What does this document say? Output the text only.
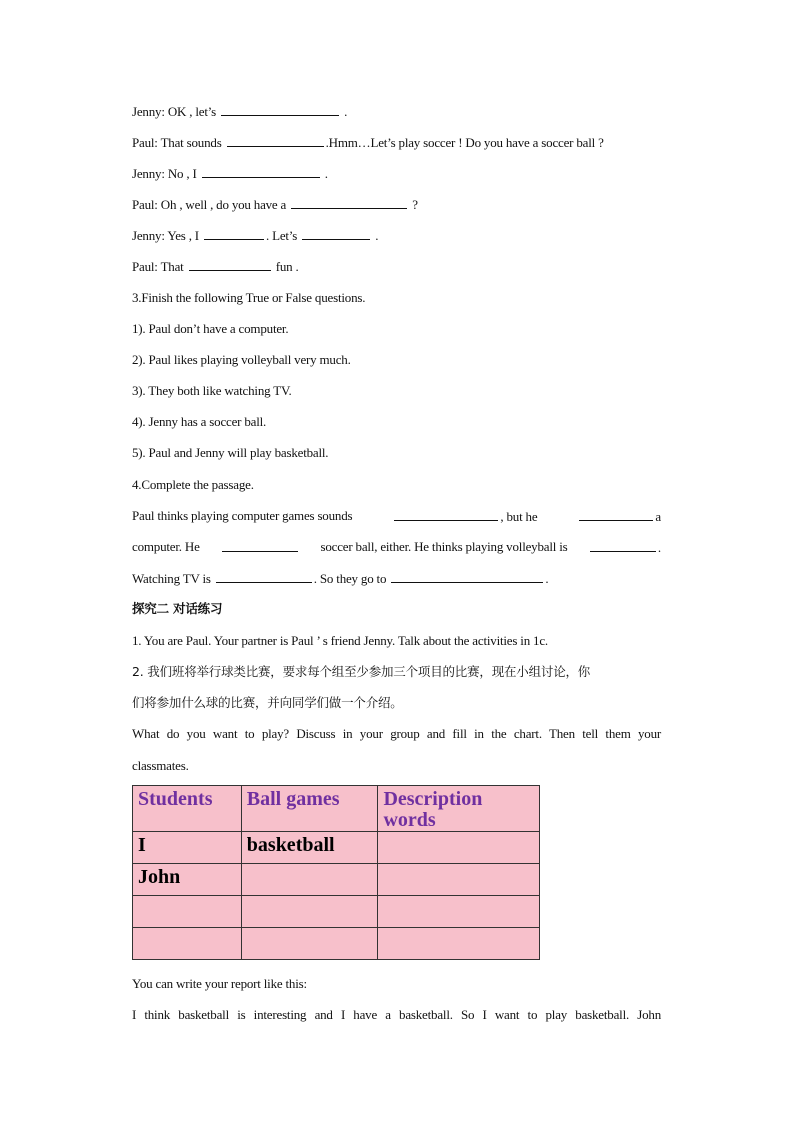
Jenny: OK , let’s	.
Paul: That sounds	.Hmm…Let’s play soccer ! Do you have a soccer ball ?
Jenny: No , I	.
Paul: Oh , well , do you have a	?
Jenny: Yes , I	. Let’s	.
Paul: That	fun .
3.Finish the following True or False questions.
1). Paul don’t have a computer.
2). Paul likes playing volleyball very much.
3). They both like watching TV.
4). Jenny has a soccer ball.
5). Paul and Jenny will play basketball.
4.Complete the passage.
Paul thinks playing computer games sounds	, but he	a
computer. He	soccer ball, either. He thinks playing volleyball is	.
Watching TV is	. So they go to	.
探究二 对话练习
1. You are Paul. Your partner is Paul ’ s friend Jenny. Talk about the activities in 1c.
2. 我们班将举行球类比赛，要求每个组至少参加三个项目的比赛，现在小组讨论，你
们将参加什么球的比赛，并向同学们做一个介绍。
What do you want to play? Discuss in your group and fill in the chart. Then tell them your
classmates.
Students	Ball games	Description words
I	basketball	
John		

You can write your report like this:
I think basketball is interesting and I have a basketball. So I want to play basketball. John
